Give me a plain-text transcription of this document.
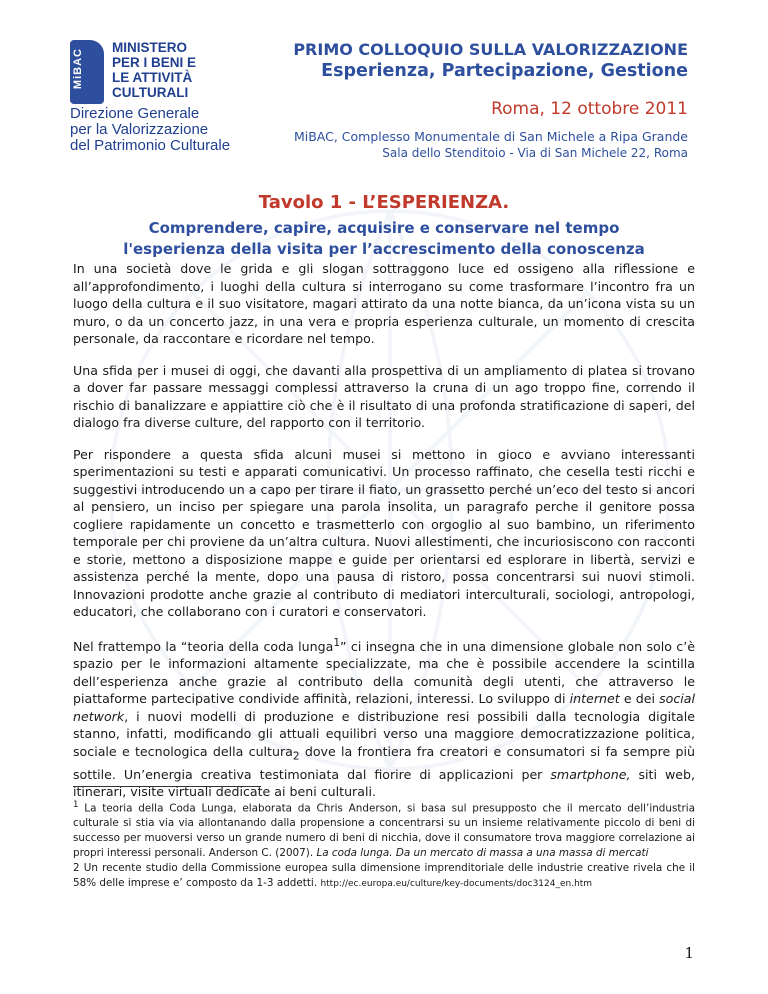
MiBAC
MINISTERO
PER I BENI E
LE ATTIVITÀ
CULTURALI
Direzione Generale
per la Valorizzazione
del Patrimonio Culturale
PRIMO COLLOQUIO SULLA VALORIZZAZIONE
Esperienza, Partecipazione, Gestione
Roma, 12 ottobre 2011
MiBAC, Complesso Monumentale di San Michele a Ripa Grande
Sala dello Stenditoio - Via di San Michele 22, Roma
Tavolo 1 - L’ESPERIENZA.
Comprendere, capire, acquisire e conservare nel tempo l'esperienza della visita per l’accrescimento della conoscenza

In una società dove le grida e gli slogan sottraggono luce ed ossigeno alla riflessione e all’approfondimento, i luoghi della cultura si interrogano su come trasformare l’incontro fra un luogo della cultura e il suo visitatore, magari attirato da una notte bianca, da un’icona vista su un muro, o da un concerto jazz, in una vera e propria esperienza culturale, un momento di crescita personale, da raccontare e ricordare nel tempo.

Una sfida per i musei di oggi, che davanti alla prospettiva di un ampliamento di platea si trovano a dover far passare messaggi complessi attraverso la cruna di un ago troppo fine, correndo il rischio di banalizzare e appiattire ciò che è il risultato di una profonda stratificazione di saperi, del dialogo fra diverse culture, del rapporto con il territorio.

Per rispondere a questa sfida alcuni musei si mettono in gioco e avviano interessanti sperimentazioni su testi e apparati comunicativi. Un processo raffinato, che cesella testi ricchi e suggestivi introducendo un a capo per tirare il fiato, un grassetto perché un’eco del testo si ancori al pensiero, un inciso per spiegare una parola insolita, un paragrafo perche il genitore possa cogliere rapidamente un concetto e trasmetterlo con orgoglio al suo bambino, un riferimento temporale per chi proviene da un’altra cultura. Nuovi allestimenti, che incuriosiscono con racconti e storie, mettono a disposizione mappe e guide per orientarsi ed esplorare in libertà, servizi e assistenza perché la mente, dopo una pausa di ristoro, possa concentrarsi sui nuovi stimoli. Innovazioni prodotte anche grazie al contributo di mediatori interculturali, sociologi, antropologi, educatori, che collaborano con i curatori e conservatori.

Nel frattempo la “teoria della coda lunga$^1$” ci insegna che in una dimensione globale non solo c’è spazio per le informazioni altamente specializzate, ma che è possibile accendere la scintilla dell’esperienza anche grazie al contributo della comunità degli utenti, che attraverso le piattaforme partecipative condivide affinità, relazioni, interessi. Lo sviluppo di internet e dei social network, i nuovi modelli di produzione e distribuzione resi possibili dalla tecnologia digitale stanno, infatti, modificando gli attuali equilibri verso una maggiore democratizzazione politica, sociale e tecnologica della cultura$_2$ dove la frontiera fra creatori e consumatori si fa sempre più sottile. Un’energia creativa testimoniata dal fiorire di applicazioni per smartphone, siti web, itinerari, visite virtuali dedicate ai beni culturali.

$^1$ La teoria della Coda Lunga, elaborata da Chris Anderson, si basa sul presupposto che il mercato dell’industria culturale si stia via via allontanando dalla propensione a concentrarsi su un insieme relativamente piccolo di beni di successo per muoversi verso un grande numero di beni di nicchia, dove il consumatore trova maggiore correlazione ai propri interessi personali. Anderson C. (2007). La coda lunga. Da un mercato di massa a una massa di mercati

2 Un recente studio della Commissione europea sulla dimensione imprenditoriale delle industrie creative rivela che il 58% delle imprese e’ composto da 1-3 addetti. http://ec.europa.eu/culture/key-documents/doc3124_en.htm

1
